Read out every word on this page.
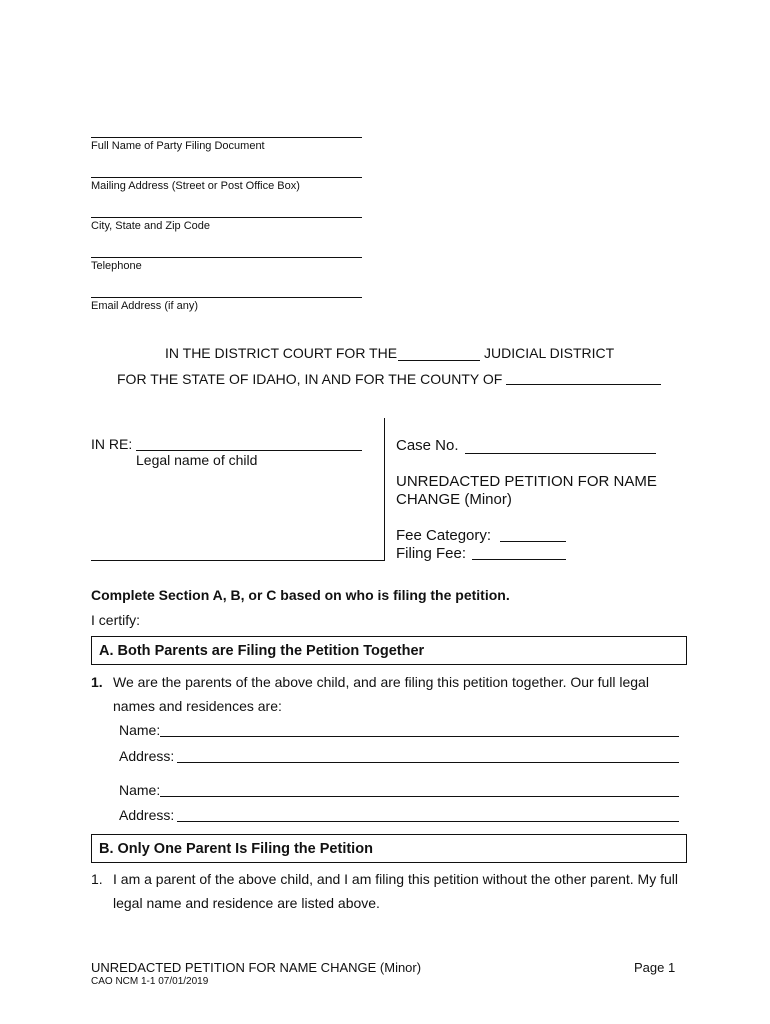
Full Name of Party Filing Document
Mailing Address (Street or Post Office Box)
City, State and Zip Code
Telephone
Email Address (if any)
IN THE DISTRICT COURT FOR THE	JUDICIAL DISTRICT
FOR THE STATE OF IDAHO, IN AND FOR THE COUNTY OF
IN RE:
Legal name of child
Case No.
UNREDACTED PETITION FOR NAME
CHANGE (Minor)
Fee Category:
Filing Fee:
Complete Section A, B, or C based on who is filing the petition.
I certify:
A. Both Parents are Filing the Petition Together
1. We are the parents of the above child, and are filing this petition together. Our full legal
names and residences are:
Name:
Address:
Name:
Address:
B. Only One Parent Is Filing the Petition
1. I am a parent of the above child, and I am filing this petition without the other parent. My full
legal name and residence are listed above.
UNREDACTED PETITION FOR NAME CHANGE (Minor)	Page 1
CAO NCM 1-1 07/01/2019
